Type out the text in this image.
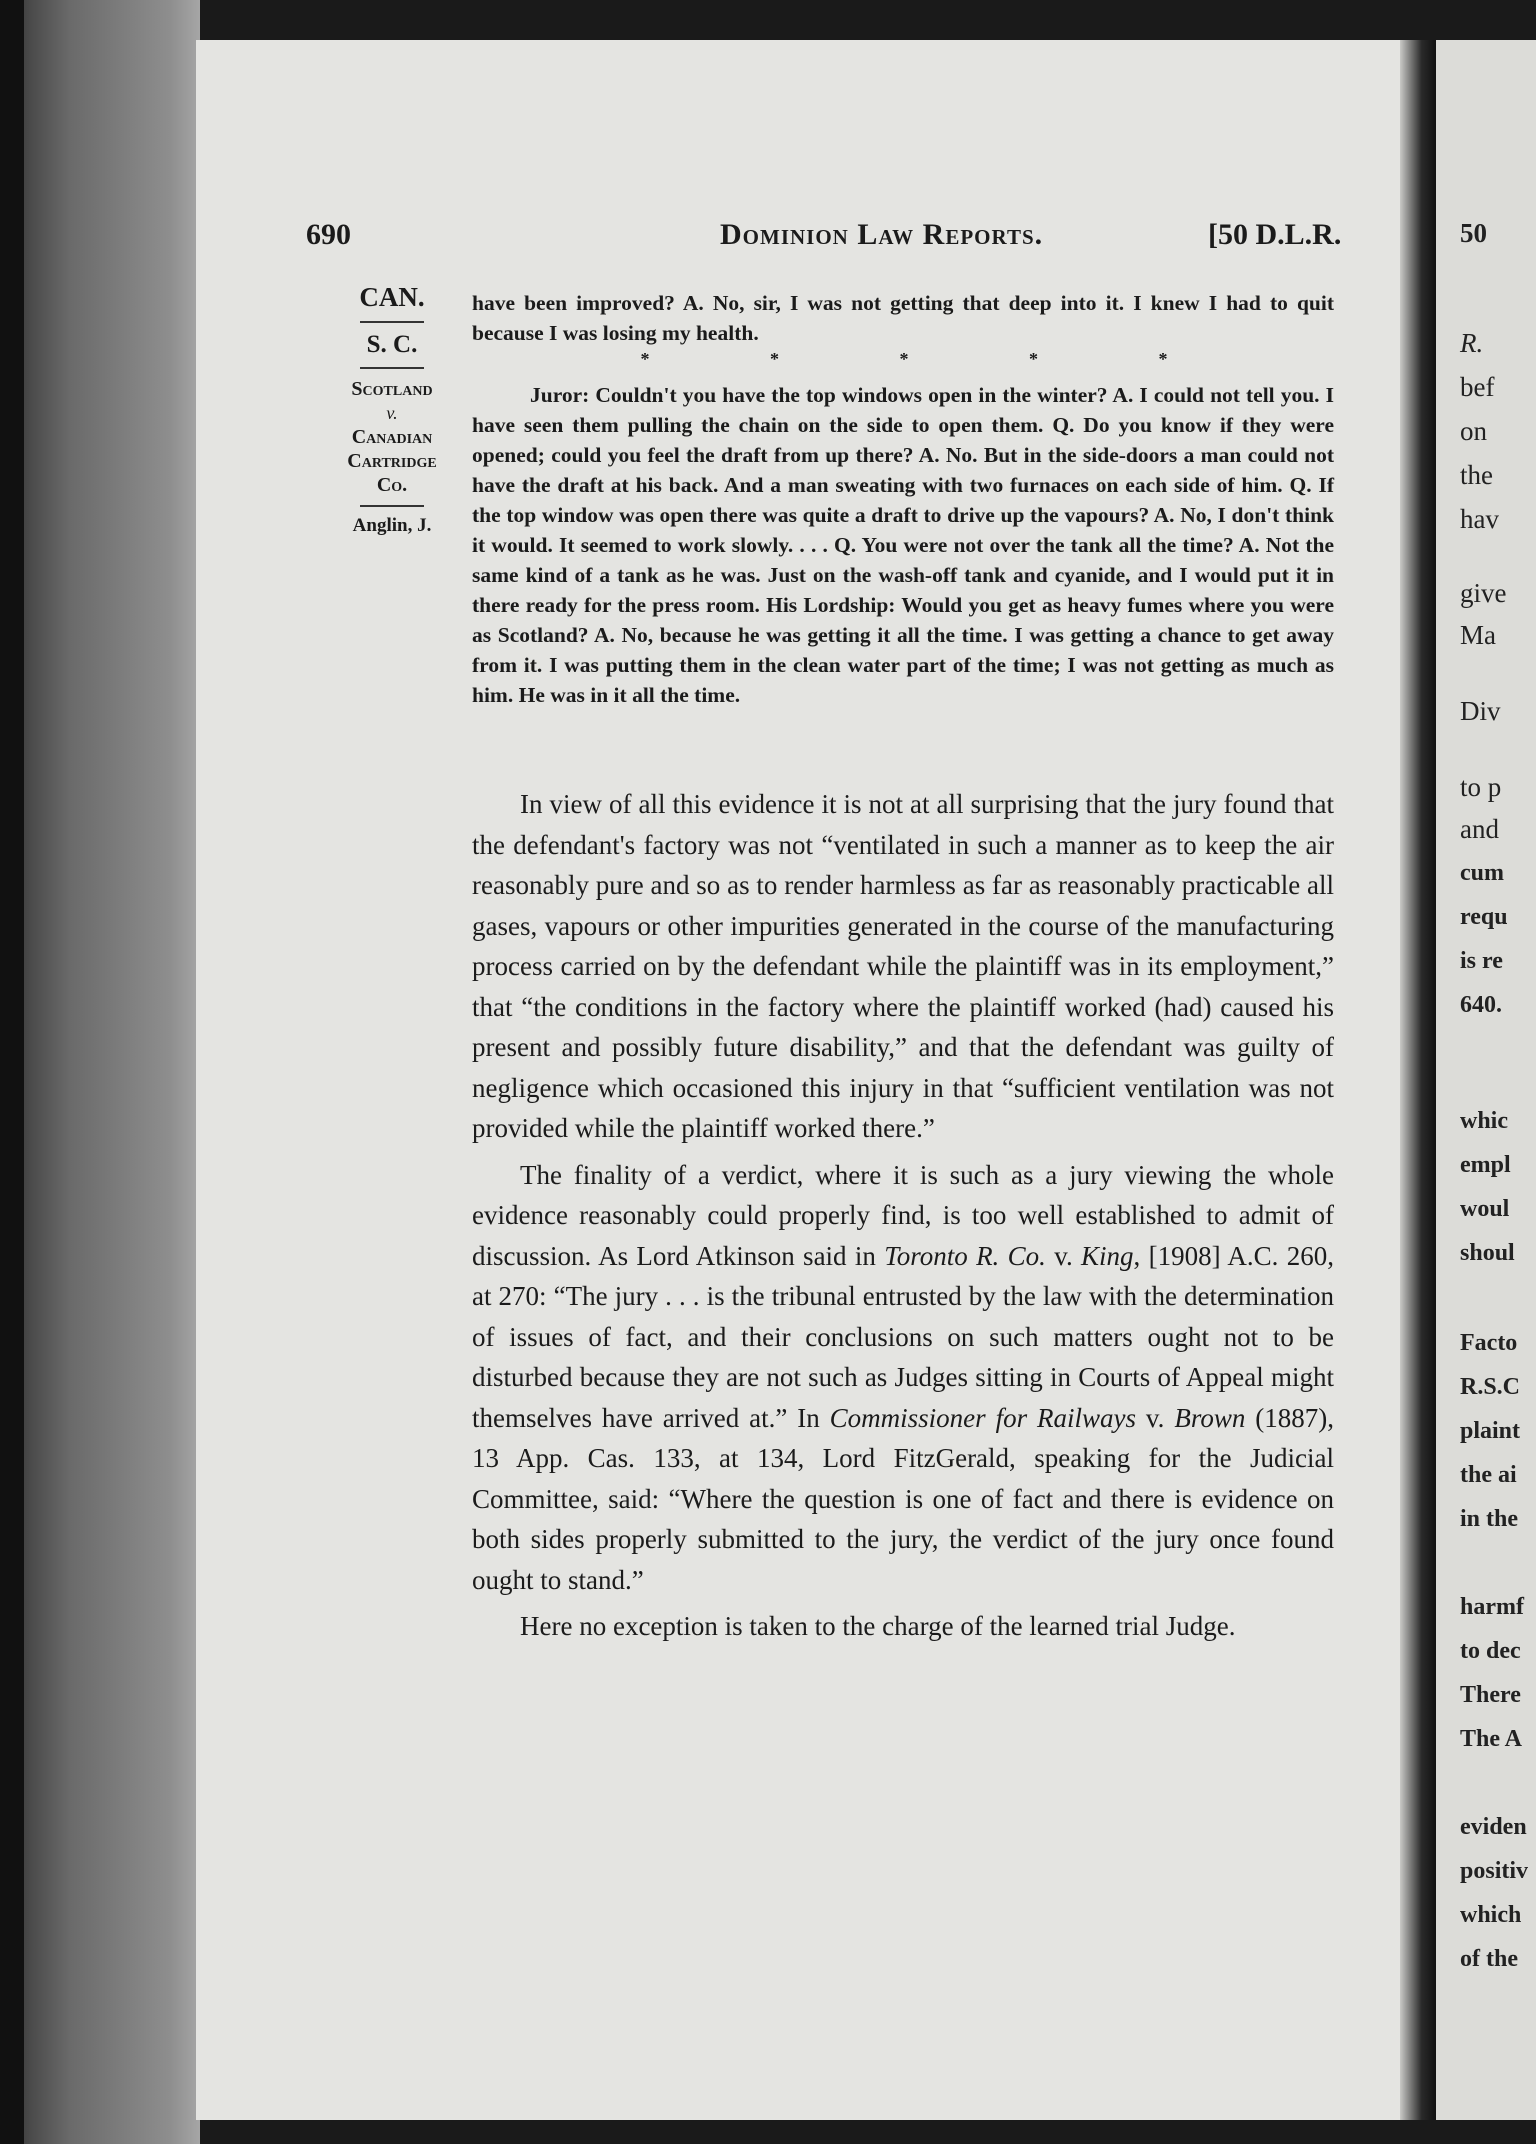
50
R.
bef
on
the
hav
give
Ma
Div
to p
and
cum
requ
is re
640.
whic
empl
woul
shoul
Facto
R.S.C
plaint
the ai
in the
harmf
to dec
There
The A
eviden
positiv
which
of the
690	Dominion Law Reports.	[50 D.L.R.
CAN.
S. C.
Scotland
v.
Canadian
Cartridge
Co.
Anglin, J.

have been improved? A. No, sir, I was not getting that deep into it. I knew I had to quit because I was losing my health.

* * * * *

Juror: Couldn't you have the top windows open in the winter? A. I could not tell you. I have seen them pulling the chain on the side to open them. Q. Do you know if they were opened; could you feel the draft from up there? A. No. But in the side-doors a man could not have the draft at his back. And a man sweating with two furnaces on each side of him. Q. If the top window was open there was quite a draft to drive up the vapours? A. No, I don't think it would. It seemed to work slowly. . . . Q. You were not over the tank all the time? A. Not the same kind of a tank as he was. Just on the wash-off tank and cyanide, and I would put it in there ready for the press room. His Lordship: Would you get as heavy fumes where you were as Scotland? A. No, because he was getting it all the time. I was getting a chance to get away from it. I was putting them in the clean water part of the time; I was not getting as much as him. He was in it all the time.

In view of all this evidence it is not at all surprising that the jury found that the defendant's factory was not “ventilated in such a manner as to keep the air reasonably pure and so as to render harmless as far as reasonably practicable all gases, vapours or other impurities generated in the course of the manufacturing process carried on by the defendant while the plaintiff was in its employment,” that “the conditions in the factory where the plaintiff worked (had) caused his present and possibly future disability,” and that the defendant was guilty of negligence which occasioned this injury in that “sufficient ventilation was not provided while the plaintiff worked there.”

The finality of a verdict, where it is such as a jury viewing the whole evidence reasonably could properly find, is too well established to admit of discussion. As Lord Atkinson said in Toronto R. Co. v. King, [1908] A.C. 260, at 270: “The jury . . . is the tribunal entrusted by the law with the determination of issues of fact, and their conclusions on such matters ought not to be disturbed because they are not such as Judges sitting in Courts of Appeal might themselves have arrived at.” In Commissioner for Railways v. Brown (1887), 13 App. Cas. 133, at 134, Lord FitzGerald, speaking for the Judicial Committee, said: “Where the question is one of fact and there is evidence on both sides properly submitted to the jury, the verdict of the jury once found ought to stand.”

Here no exception is taken to the charge of the learned trial Judge.
